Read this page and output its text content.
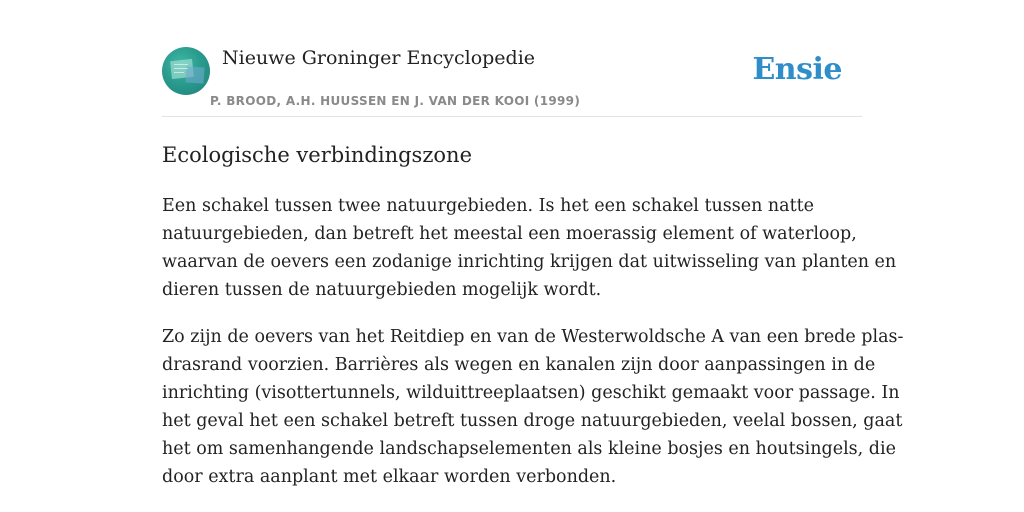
Nieuwe Groninger Encyclopedie
P. BROOD, A.H. HUUSSEN EN J. VAN DER KOOI (1999)
Ensie
Ecologische verbindingszone

Een schakel tussen twee natuurgebieden. Is het een schakel tussen natte
natuurgebieden, dan betreft het meestal een moerassig element of waterloop,
waarvan de oevers een zodanige inrichting krijgen dat uitwisseling van planten en
dieren tussen de natuurgebieden mogelijk wordt.

Zo zijn de oevers van het Reitdiep en van de Westerwoldsche A van een brede plas-
drasrand voorzien. Barrières als wegen en kanalen zijn door aanpassingen in de
inrichting (visottertunnels, wilduittreeplaatsen) geschikt gemaakt voor passage. In
het geval het een schakel betreft tussen droge natuurgebieden, veelal bossen, gaat
het om samenhangende landschapselementen als kleine bosjes en houtsingels, die
door extra aanplant met elkaar worden verbonden.
